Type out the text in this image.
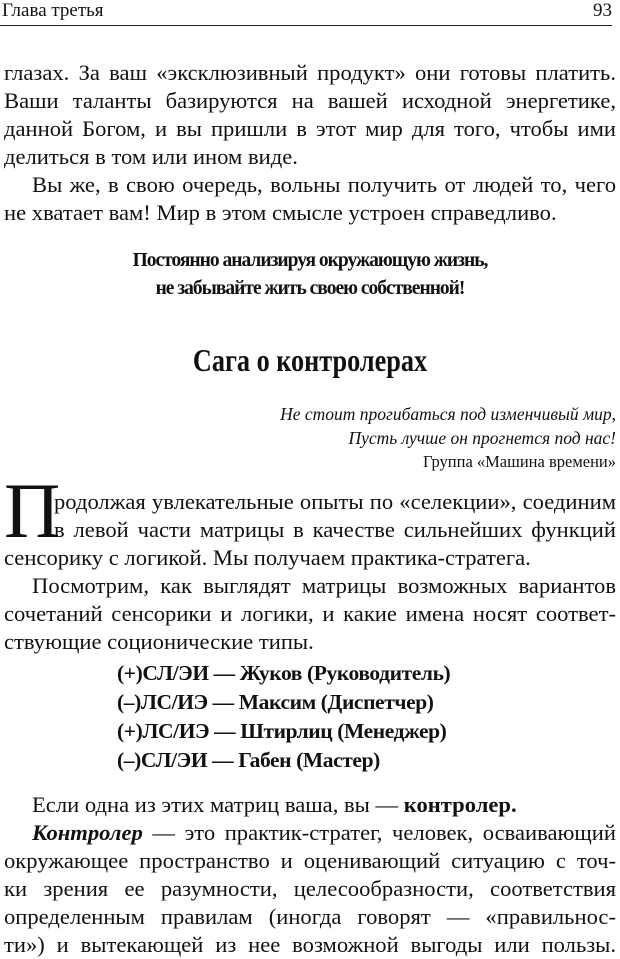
Глава третья	93
глазах. За ваш «эксклюзивный продукт» они готовы платить.
Ваши таланты базируются на вашей исходной энергетике,
данной Богом, и вы пришли в этот мир для того, чтобы ими
делиться в том или ином виде.
Вы же, в свою очередь, вольны получить от людей то, чего
не хватает вам! Мир в этом смысле устроен справедливо.
Постоянно анализируя окружающую жизнь,
не забывайте жить своею собственной!
Сага о контролерах
Не стоит прогибаться под изменчивый мир,
Пусть лучше он прогнется под нас!
Группа «Машина времени»
П
родолжая увлекательные опыты по «селекции», соединим
в левой части матрицы в качестве сильнейших функций
сенсорику с логикой. Мы получаем практика-стратега.
Посмотрим, как выглядят матрицы возможных вариантов
сочетаний сенсорики и логики, и какие имена носят соответ-
ствующие соционические типы.
(+)СЛ/ЭИ — Жуков (Руководитель)
(–)ЛС/ИЭ — Максим (Диспетчер)
(+)ЛС/ИЭ — Штирлиц (Менеджер)
(–)СЛ/ЭИ — Габен (Мастер)
Если одна из этих матриц ваша, вы — контролер.
Контролер — это практик-стратег, человек, осваивающий
окружающее пространство и оценивающий ситуацию с точ-
ки зрения ее разумности, целесообразности, соответствия
определенным правилам (иногда говорят — «правильнос-
ти») и вытекающей из нее возможной выгоды или пользы.
